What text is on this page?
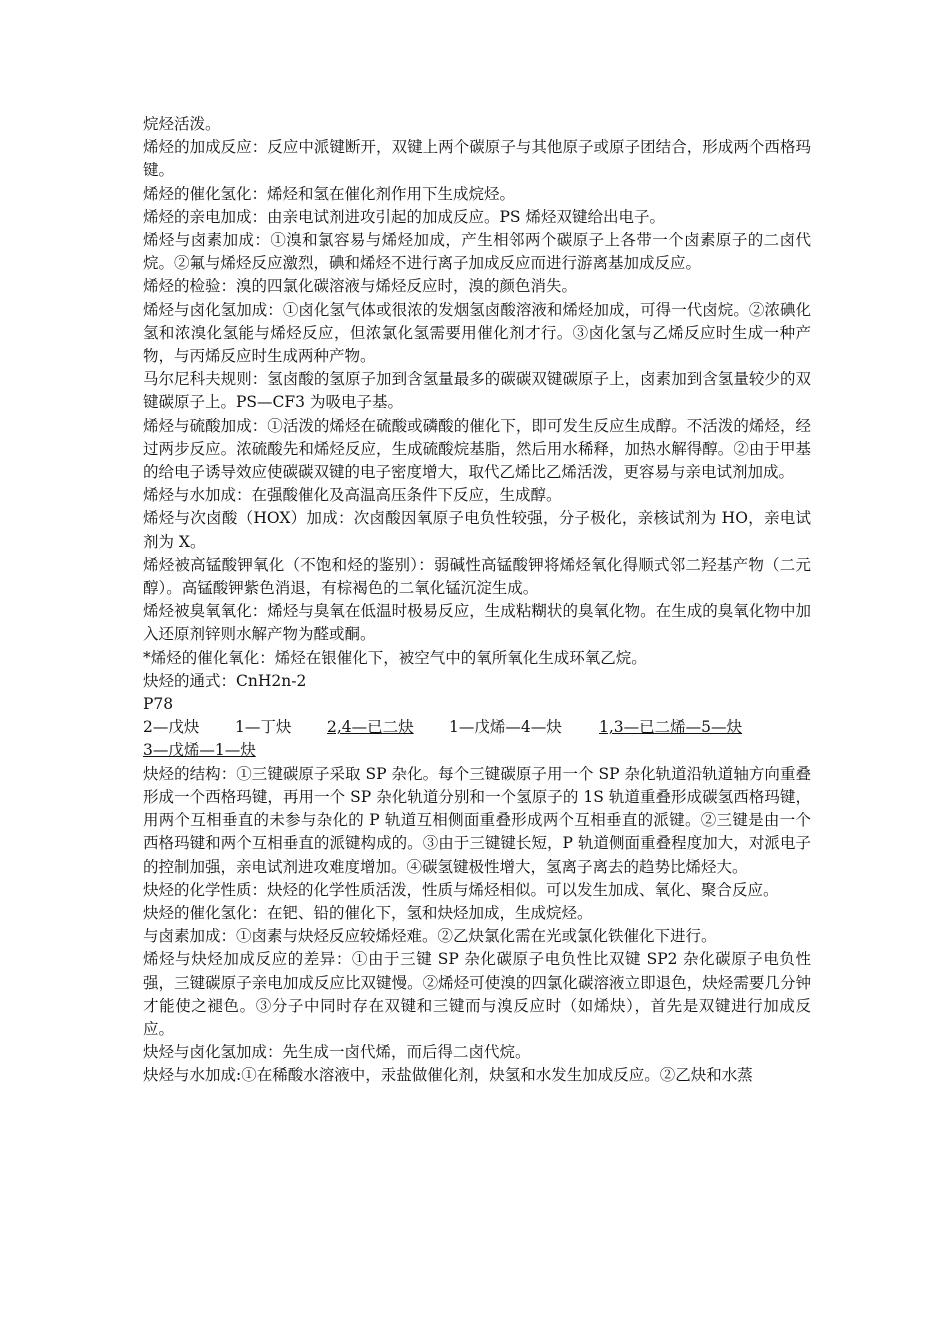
烷烃活泼。

烯烃的加成反应：反应中派键断开，双键上两个碳原子与其他原子或原子团结合，形成两个西格玛键。

烯烃的催化氢化：烯烃和氢在催化剂作用下生成烷烃。

烯烃的亲电加成：由亲电试剂进攻引起的加成反应。PS 烯烃双键给出电子。

烯烃与卤素加成：①溴和氯容易与烯烃加成，产生相邻两个碳原子上各带一个卤素原子的二卤代烷。②氟与烯烃反应激烈，碘和烯烃不进行离子加成反应而进行游离基加成反应。

烯烃的检验：溴的四氯化碳溶液与烯烃反应时，溴的颜色消失。

烯烃与卤化氢加成：①卤化氢气体或很浓的发烟氢卤酸溶液和烯烃加成，可得一代卤烷。②浓碘化氢和浓溴化氢能与烯烃反应，但浓氯化氢需要用催化剂才行。③卤化氢与乙烯反应时生成一种产物，与丙烯反应时生成两种产物。

马尔尼科夫规则：氢卤酸的氢原子加到含氢量最多的碳碳双键碳原子上，卤素加到含氢量较少的双键碳原子上。PS—CF3 为吸电子基。

烯烃与硫酸加成：①活泼的烯烃在硫酸或磷酸的催化下，即可发生反应生成醇。不活泼的烯烃，经过两步反应。浓硫酸先和烯烃反应，生成硫酸烷基脂，然后用水稀释，加热水解得醇。②由于甲基的给电子诱导效应使碳碳双键的电子密度增大，取代乙烯比乙烯活泼，更容易与亲电试剂加成。

烯烃与水加成：在强酸催化及高温高压条件下反应，生成醇。

烯烃与次卤酸（HOX）加成：次卤酸因氧原子电负性较强，分子极化，亲核试剂为 HO，亲电试剂为 X。

烯烃被高锰酸钾氧化（不饱和烃的鉴别）：弱碱性高锰酸钾将烯烃氧化得顺式邻二羟基产物（二元醇）。高锰酸钾紫色消退，有棕褐色的二氧化锰沉淀生成。

烯烃被臭氧氧化：烯烃与臭氧在低温时极易反应，生成粘糊状的臭氧化物。在生成的臭氧化物中加入还原剂锌则水解产物为醛或酮。

*烯烃的催化氧化：烯烃在银催化下，被空气中的氧所氧化生成环氧乙烷。

炔烃的通式：CnH2n-2

P78

2—戊炔	1—丁炔	2,4—已二炔	1—戊烯—4—炔	1,3—已二烯—5—炔

3—戊烯—1—炔

炔烃的结构：①三键碳原子采取 SP 杂化。每个三键碳原子用一个 SP 杂化轨道沿轨道轴方向重叠形成一个西格玛键，再用一个 SP 杂化轨道分别和一个氢原子的 1S 轨道重叠形成碳氢西格玛键，用两个互相垂直的未参与杂化的 P 轨道互相侧面重叠形成两个互相垂直的派键。②三键是由一个西格玛键和两个互相垂直的派键构成的。③由于三键键长短，P 轨道侧面重叠程度加大，对派电子的控制加强，亲电试剂进攻难度增加。④碳氢键极性增大，氢离子离去的趋势比烯烃大。

炔烃的化学性质：炔烃的化学性质活泼，性质与烯烃相似。可以发生加成、氧化、聚合反应。

炔烃的催化氢化：在钯、铅的催化下，氢和炔烃加成，生成烷烃。

与卤素加成：①卤素与炔烃反应较烯烃难。②乙炔氯化需在光或氯化铁催化下进行。

烯烃与炔烃加成反应的差异：①由于三键 SP 杂化碳原子电负性比双键 SP2 杂化碳原子电负性强，三键碳原子亲电加成反应比双键慢。②烯烃可使溴的四氯化碳溶液立即退色，炔烃需要几分钟才能使之褪色。③分子中同时存在双键和三键而与溴反应时（如烯炔），首先是双键进行加成反应。

炔烃与卤化氢加成：先生成一卤代烯，而后得二卤代烷。

炔烃与水加成:①在稀酸水溶液中，汞盐做催化剂，炔氢和水发生加成反应。②乙炔和水蒸
